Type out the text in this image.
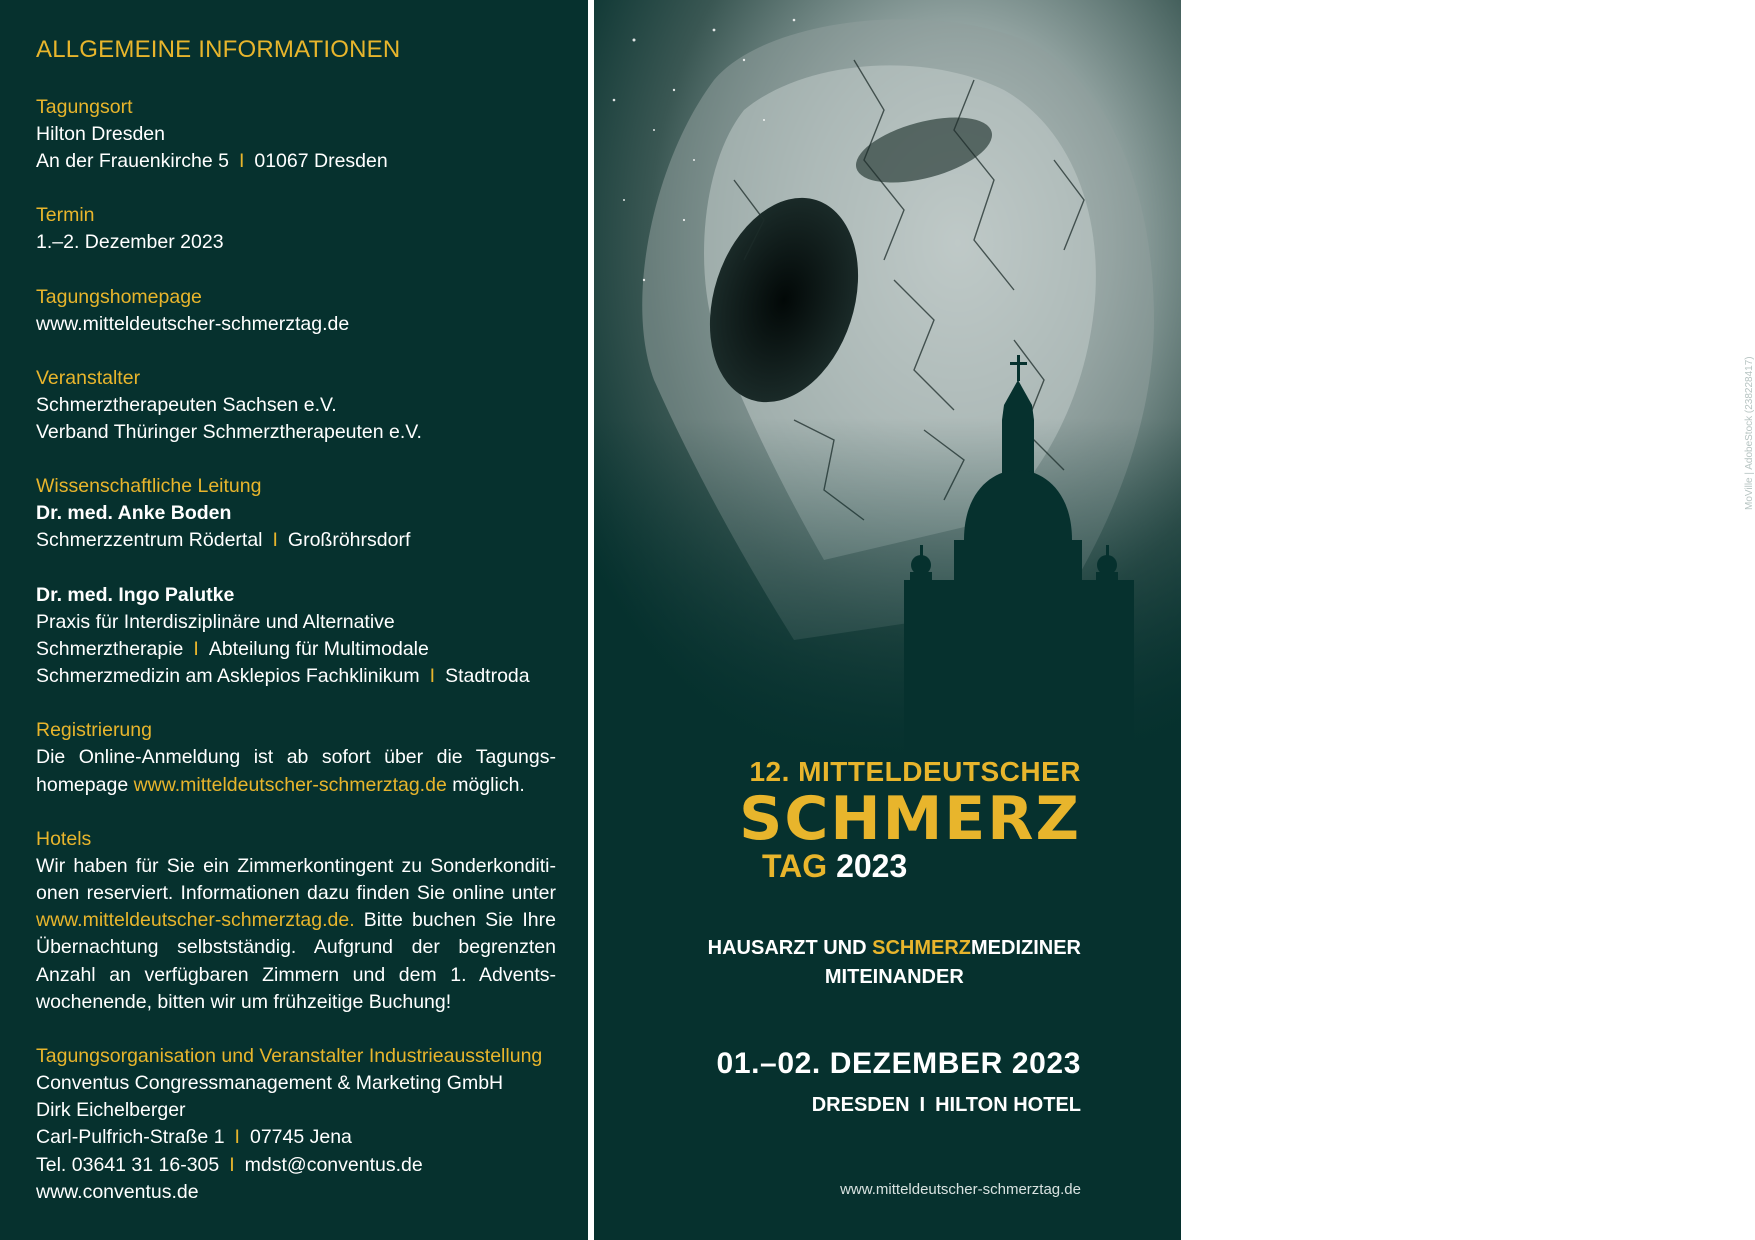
ALLGEMEINE INFORMATIONEN
Tagungsort
Hilton Dresden
An der Frauenkirche 5 I 01067 Dresden
Termin
1.–2. Dezember 2023
Tagungshomepage
www.mitteldeutscher-schmerztag.de
Veranstalter
Schmerztherapeuten Sachsen e.V.
Verband Thüringer Schmerztherapeuten e.V.
Wissenschaftliche Leitung
Dr. med. Anke Boden
Schmerzzentrum Rödertal I Großröhrsdorf
Dr. med. Ingo Palutke
Praxis für Interdisziplinäre und Alternative
Schmerztherapie I Abteilung für Multimodale
Schmerzmedizin am Asklepios Fachklinikum I Stadtroda
Registrierung
Die Online-Anmeldung ist ab sofort über die Tagungs-homepage www.mitteldeutscher-schmerztag.de möglich.
Hotels
Wir haben für Sie ein Zimmerkontingent zu Sonderkonditi-onen reserviert. Informationen dazu finden Sie online unter www.mitteldeutscher-schmerztag.de. Bitte buchen Sie Ihre Übernachtung selbstständig. Aufgrund der begrenzten Anzahl an verfügbaren Zimmern und dem 1. Advents-wochenende, bitten wir um frühzeitige Buchung!
Tagungsorganisation und Veranstalter Industrieausstellung
Conventus Congressmanagement & Marketing GmbH
Dirk Eichelberger
Carl-Pulfrich-Straße 1 I 07745 Jena
Tel. 03641 31 16-305 I mdst@conventus.de
www.conventus.de
MoVille | AdobeStock (238228417)
12. MITTELDEUTSCHER
SCHMERZ
TAG 2023
HAUSARZT UND SCHMERZMEDIZINER
MITEINANDER
01.–02. DEZEMBER 2023
DRESDEN I HILTON HOTEL
www.mitteldeutscher-schmerztag.de
